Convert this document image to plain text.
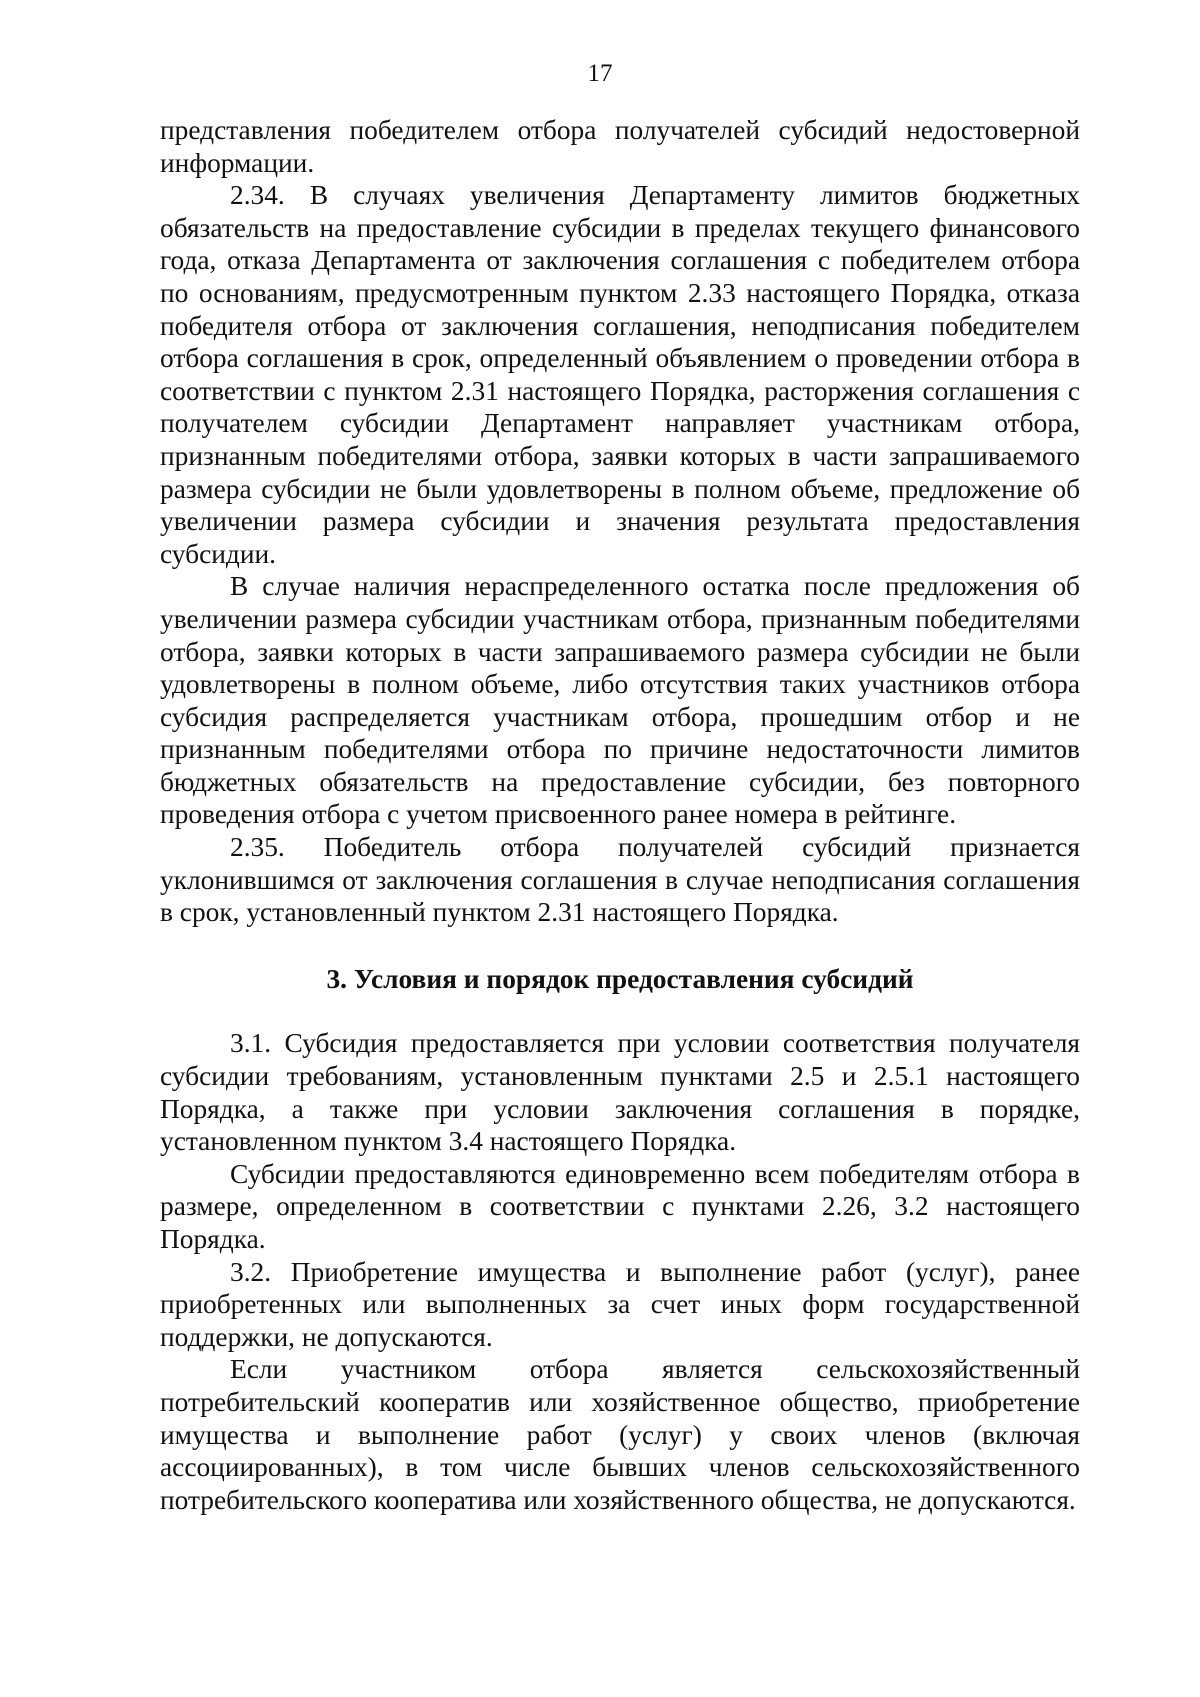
17

представления победителем отбора получателей субсидий недостоверной информации.

2.34. В случаях увеличения Департаменту лимитов бюджетных обязательств на предоставление субсидии в пределах текущего финансового года, отказа Департамента от заключения соглашения с победителем отбора по основаниям, предусмотренным пунктом 2.33 настоящего Порядка, отказа победителя отбора от заключения соглашения, неподписания победителем отбора соглашения в срок, определенный объявлением о проведении отбора в соответствии с пунктом 2.31 настоящего Порядка, расторжения соглашения с получателем субсидии Департамент направляет участникам отбора, признанным победителями отбора, заявки которых в части запрашиваемого размера субсидии не были удовлетворены в полном объеме, предложение об увеличении размера субсидии и значения результата предоставления субсидии.

В случае наличия нераспределенного остатка после предложения об увеличении размера субсидии участникам отбора, признанным победителями отбора, заявки которых в части запрашиваемого размера субсидии не были удовлетворены в полном объеме, либо отсутствия таких участников отбора субсидия распределяется участникам отбора, прошедшим отбор и не признанным победителями отбора по причине недостаточности лимитов бюджетных обязательств на предоставление субсидии, без повторного проведения отбора с учетом присвоенного ранее номера в рейтинге.

2.35. Победитель отбора получателей субсидий признается уклонившимся от заключения соглашения в случае неподписания соглашения в срок, установленный пунктом 2.31 настоящего Порядка.

3. Условия и порядок предоставления субсидий

3.1. Субсидия предоставляется при условии соответствия получателя субсидии требованиям, установленным пунктами 2.5 и 2.5.1 настоящего Порядка, а также при условии заключения соглашения в порядке, установленном пунктом 3.4 настоящего Порядка.

Субсидии предоставляются единовременно всем победителям отбора в размере, определенном в соответствии с пунктами 2.26, 3.2 настоящего Порядка.

3.2. Приобретение имущества и выполнение работ (услуг), ранее приобретенных или выполненных за счет иных форм государственной поддержки, не допускаются.

Если участником отбора является сельскохозяйственный потребительский кооператив или хозяйственное общество, приобретение имущества и выполнение работ (услуг) у своих членов (включая ассоциированных), в том числе бывших членов сельскохозяйственного потребительского кооператива или хозяйственного общества, не допускаются.
